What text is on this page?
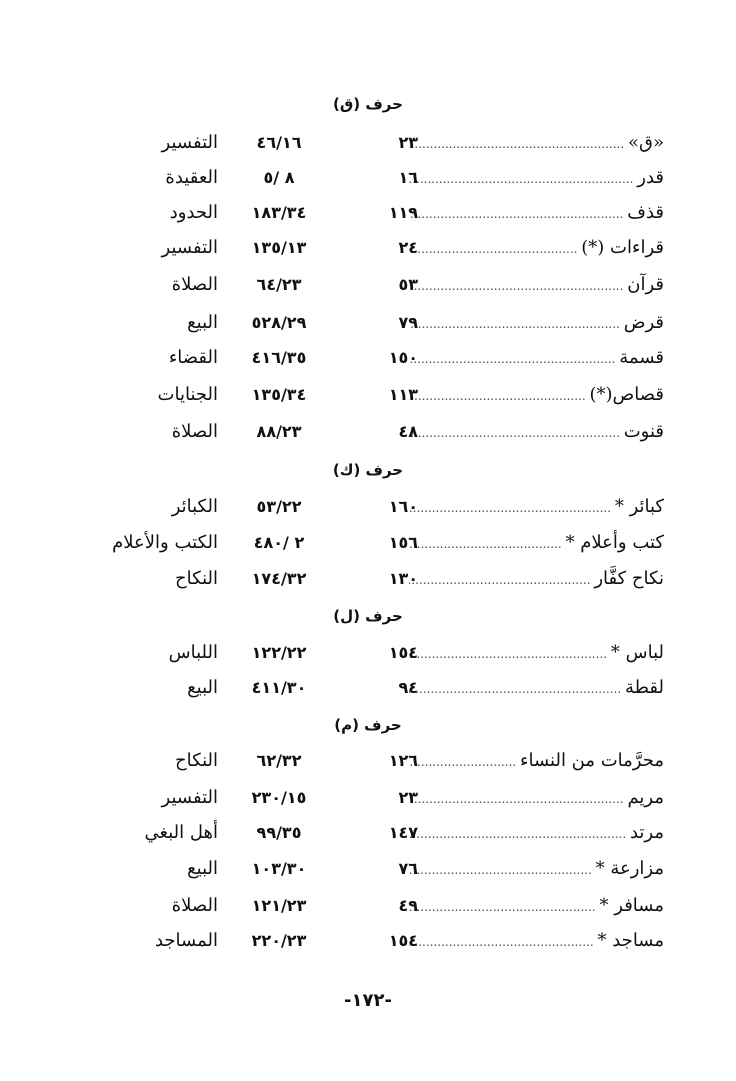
حرف (ق)
«ق» .....
٢٣
٤٦/١٦
التفسير
قدر .....
١٦
٨ /٥
العقيدة
قذف .....
١١٩
١٨٣/٣٤
الحدود
قراءات (*) .....
٢٤
١٣٥/١٣
التفسير
قرآن .....
٥٣
٦٤/٢٣
الصلاة
قرض .....
٧٩
٥٢٨/٢٩
البيع
قسمة .....
١٥٠
٤١٦/٣٥
القضاء
قصاص(*) .....
١١٣
١٣٥/٣٤
الجنايات
قنوت .....
٤٨
٨٨/٢٣
الصلاة
حرف (ك)
كبائر * .....
١٦٠
٥٣/٢٢
الكبائر
كتب وأعلام * .....
١٥٦
٢ /٤٨٠
الكتب والأعلام
نكاح كفَّار .....
١٣٠
١٧٤/٣٢
النكاح
حرف (ل)
لباس * .....
١٥٤
١٢٢/٢٢
اللباس
لقطة .....
٩٤
٤١١/٣٠
البيع
حرف (م)
محرَّمات من النساء .....
١٢٦
٦٢/٣٢
النكاح
مريم .....
٢٣
٢٣٠/١٥
التفسير
مرتد .....
١٤٧
٩٩/٣٥
أهل البغي
مزارعة * .....
٧٦
١٠٣/٣٠
البيع
مسافر * .....
٤٩
١٢١/٢٣
الصلاة
مساجد * .....
١٥٤
٢٢٠/٢٣
المساجد
-١٧٢-
